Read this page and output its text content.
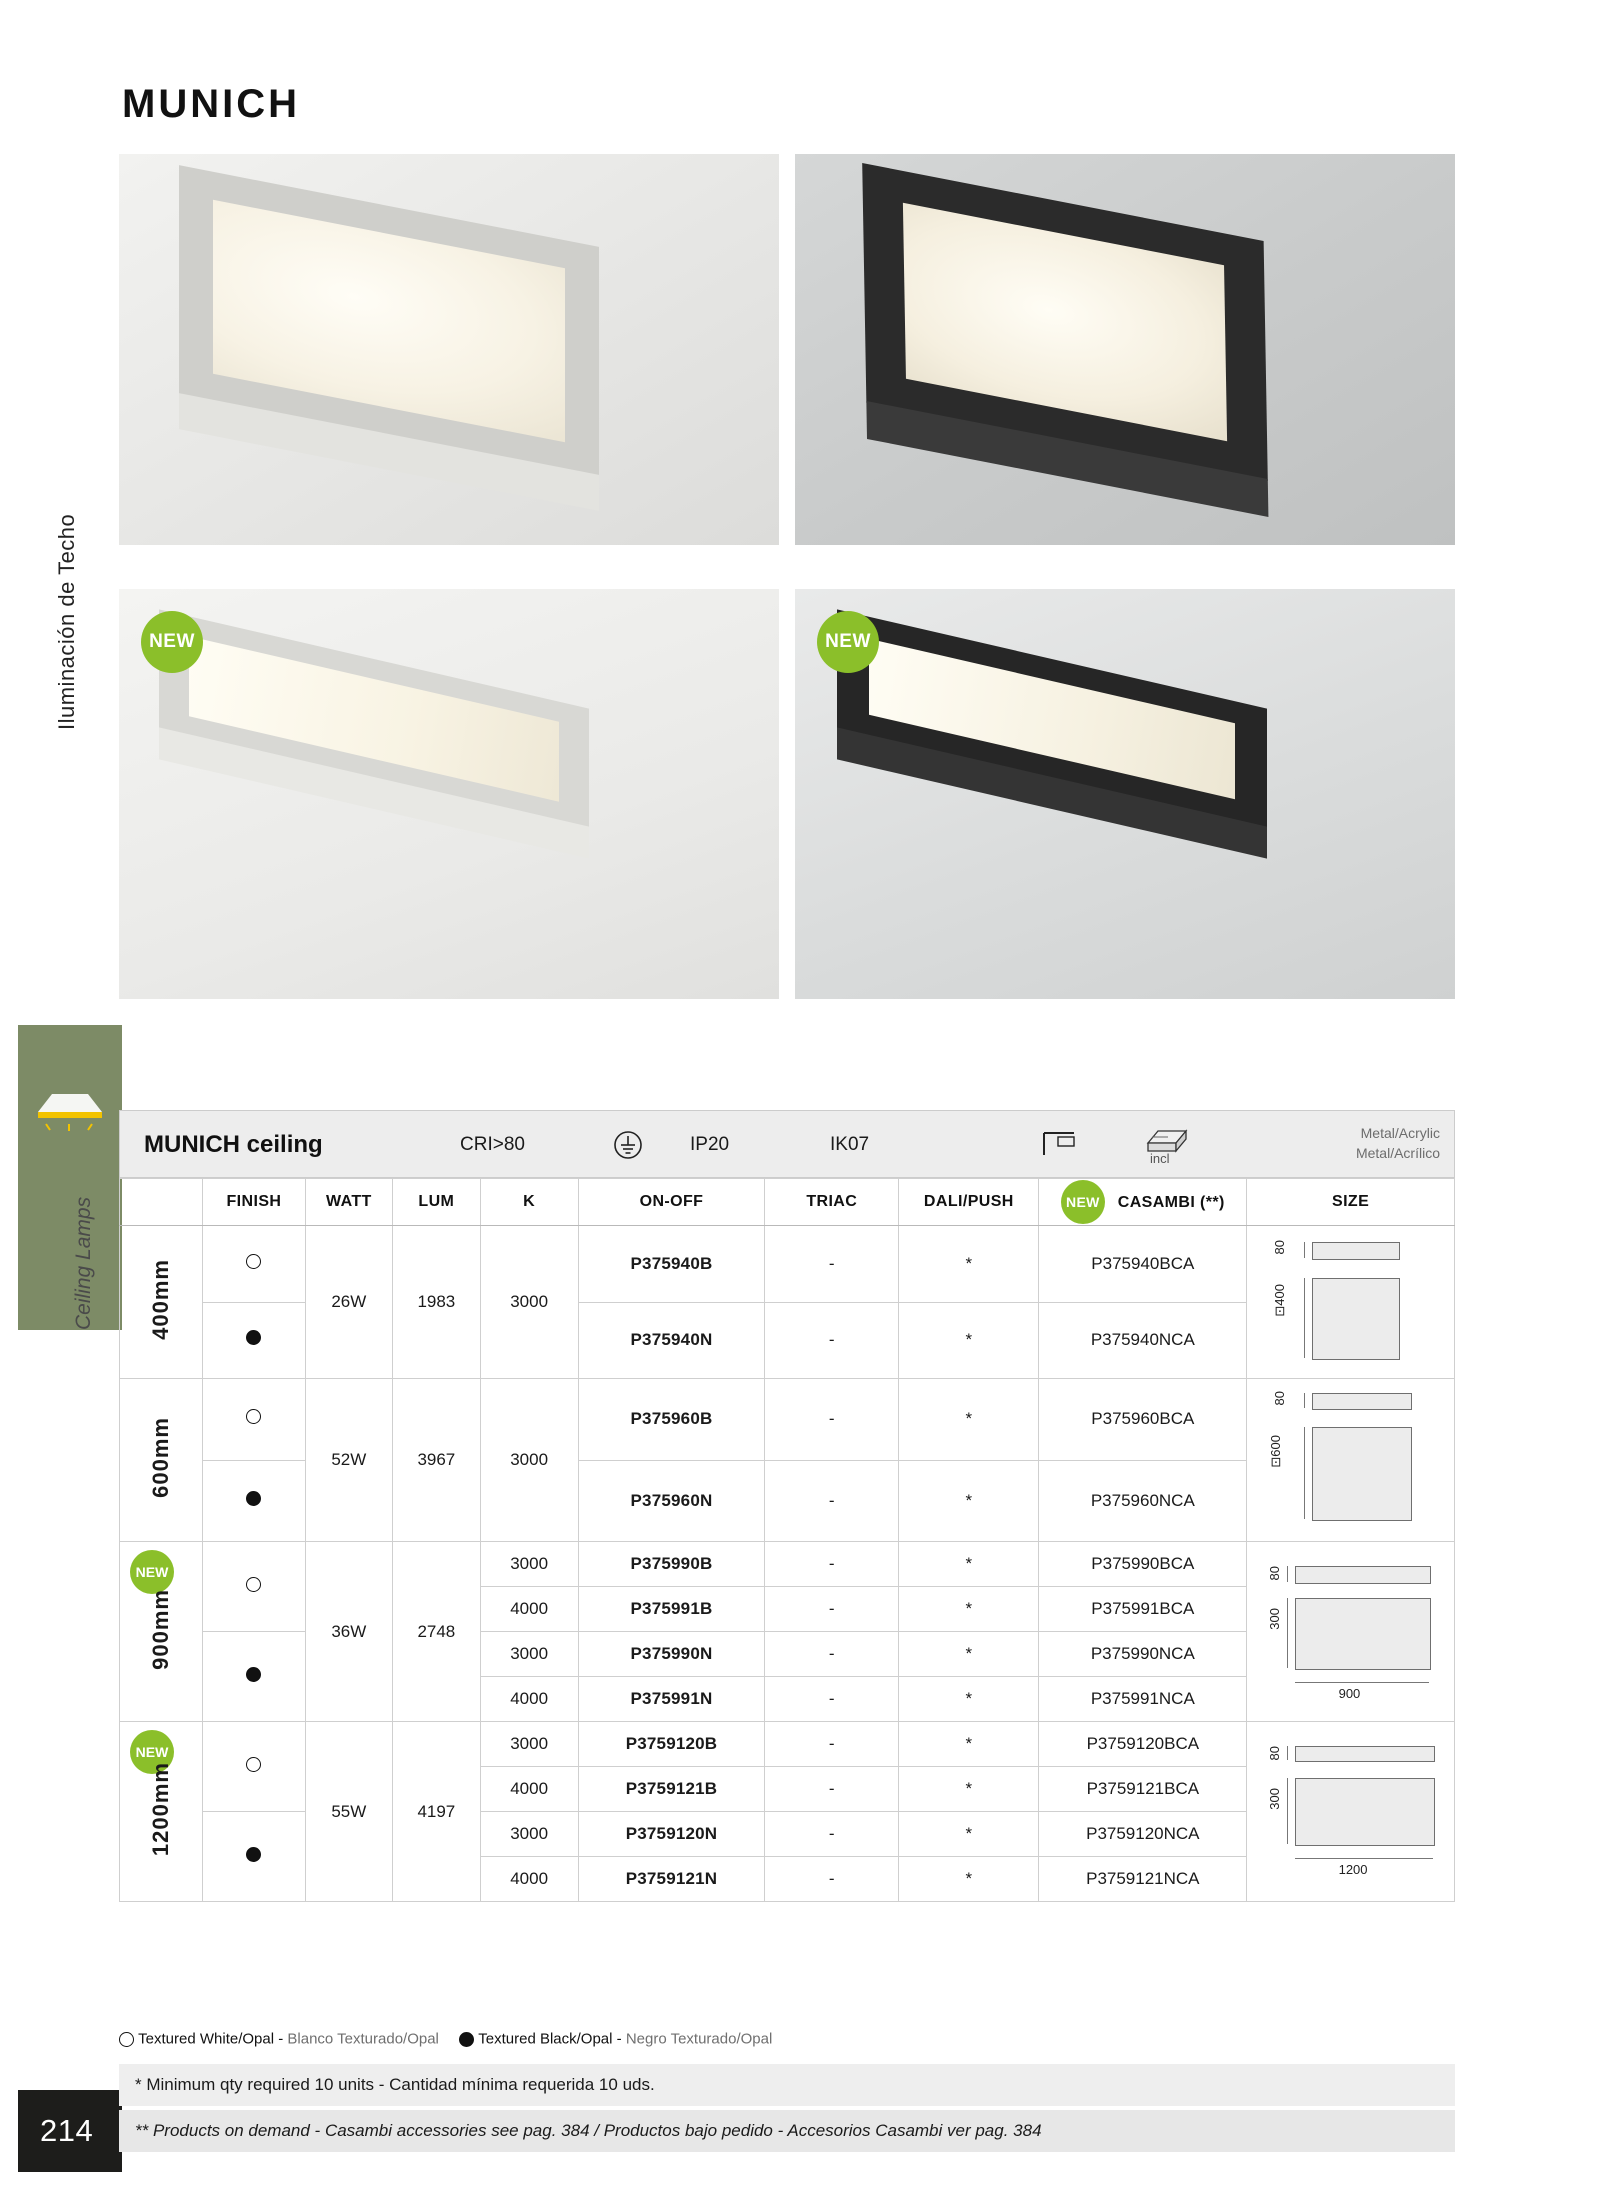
Iluminación de Techo
Ceiling Lamps
214
MUNICH
NEW	NEW
MUNICH ceiling	CRI>80	IP20	IK07
incl
Metal/Acrylic
Metal/Acrílico
	FINISH	WATT	LUM	K	ON-OFF	TRIAC	DALI/PUSH	NEW CASAMBI (**)	SIZE
400mm		26W	1983	3000	P375940B	-	*	P375940BCA	80
⊡400

					P375940N	-	*	P375940NCA	
600mm		52W	3967	3000	P375960B	-	*	P375960BCA	80
⊡600

					P375960N	-	*	P375960NCA	

NEW
900mm		36W	2748	3000	P375990B	-	*	P375990BCA	80
300
900

				4000	P375991B	-	*	P375991BCA	
				3000	P375990N	-	*	P375990NCA	
				4000	P375991N	-	*	P375991NCA	

NEW
1200mm		55W	4197	3000	P3759120B	-	*	P3759120BCA	80
300
1200

				4000	P3759121B	-	*	P3759121BCA	
				3000	P3759120N	-	*	P3759120NCA	
				4000	P3759121N	-	*	P3759121NCA	
Textured White/Opal - Blanco Texturado/Opal	Textured Black/Opal - Negro Texturado/Opal
* Minimum qty required 10 units - Cantidad mínima requerida 10 uds.
** Products on demand - Casambi accessories see pag. 384 / Productos bajo pedido - Accesorios Casambi ver pag. 384
